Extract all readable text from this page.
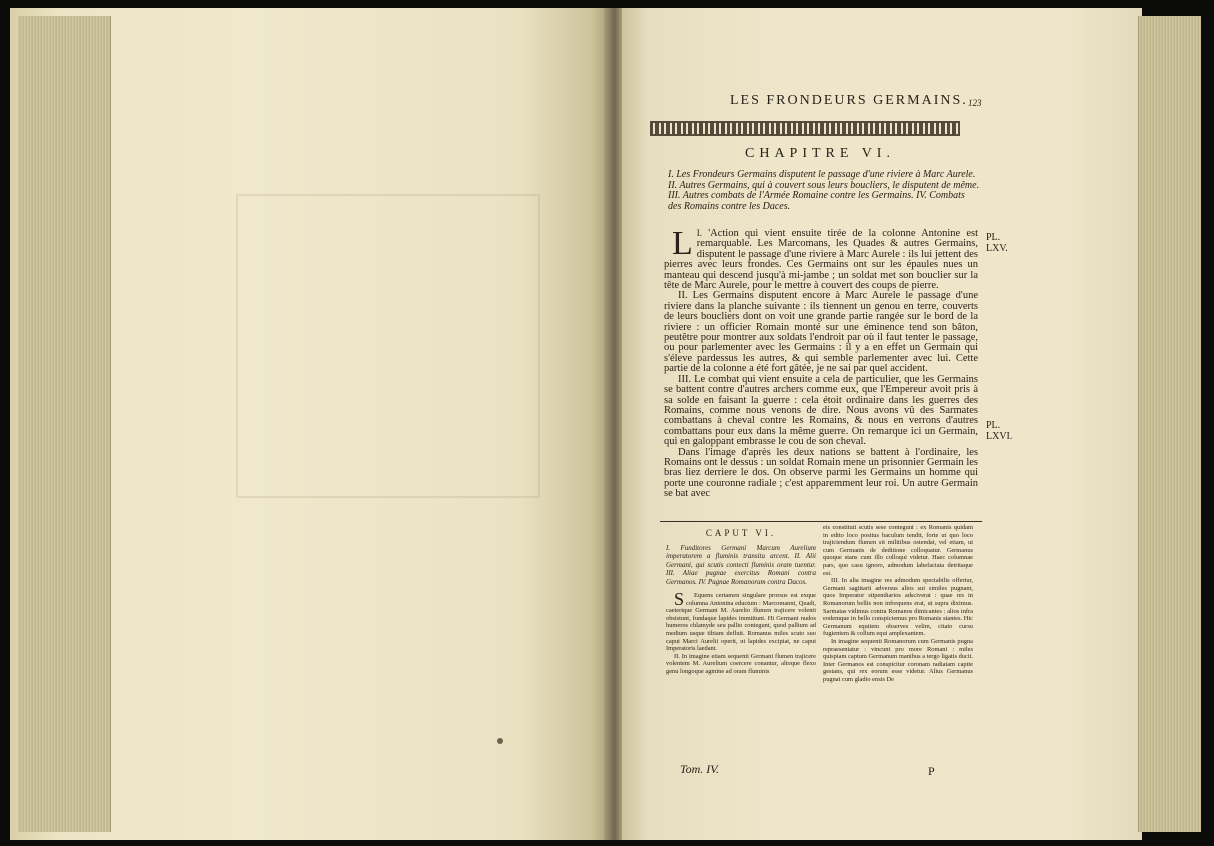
LES FRONDEURS GERMAINS. 123
CHAPITRE VI.
I. Les Frondeurs Germains disputent le passage d'une riviere à Marc Aurele. II. Autres Germains, qui à couvert sous leurs boucliers, le disputent de même. III. Autres combats de l'Armée Romaine contre les Germains. IV. Combats des Romains contre les Daces.

I.
L 'Action qui vient ensuite tirée de la colonne Antonine est remarquable. Les Marcomans, les Quades & autres Germains, disputent le passage d'une riviere à Marc Aurele : ils lui jettent des pierres avec leurs frondes. Ces Germains ont sur les épaules nues un manteau qui descend jusqu'à mi-jambe ; un soldat met son bouclier sur la tête de Marc Aurele, pour le mettre à couvert des coups de pierre.

II. Les Germains disputent encore à Marc Aurele le passage d'une riviere dans la planche suivante : ils tiennent un genou en terre, couverts de leurs boucliers dont on voit une grande partie rangée sur le bord de la riviere : un officier Romain monté sur une éminence tend son bâton, peutêtre pour montrer aux soldats l'endroit par où il faut tenter le passage, ou pour parlementer avec les Germains : il y a en effet un Germain qui s'éleve pardessus les autres, & qui semble parlementer avec lui. Cette partie de la colonne a été fort gâtée, je ne sai par quel accident.

III. Le combat qui vient ensuite a cela de particulier, que les Germains se battent contre d'autres archers comme eux, que l'Empereur avoit pris à sa solde en faisant la guerre : cela étoit ordinaire dans les guerres des Romains, comme nous venons de dire. Nous avons vû des Sarmates combattans à cheval contre les Romains, & nous en verrons d'autres combattans pour eux dans la même guerre. On remarque ici un Germain, qui en galoppant embrasse le cou de son cheval.

Dans l'image d'après les deux nations se battent à l'ordinaire, les Romains ont le dessus : un soldat Romain mene un prisonnier Germain les bras liez derriere le dos. On observe parmi les Germains un homme qui porte une couronne radiale ; c'est apparemment leur roi. Un autre Germain se bat avec

PL. LXV.
PL. LXVI.
CAPUT VI.
I. Funditores Germani Marcum Aurelium imperatorem a fluminis transitu arcent. II. Alii Germani, qui scutis contecti fluminis oram tuentur. III. Aliae pugnae exercitus Romani contra Germanos. IV. Pugnae Romanorum contra Dacos.

S Equens certamen singulare prorsus est exque columna Antonina eductum : Marcomanni, Quadi, caeterique Germani M. Aurelio flumen trajicere volenti obsistunt, fundaque lapides immittunt. Hi Germani nudos humeros chlamyde seu pallio contegunt, quod pallium ad medium usque tibiam defluit. Romanus miles scuto suo caput Marci Aurelii operit, ut lapides excipiat, ne caput Imperatoris laedant.

II. In imagine etiam sequenti Germani flumen trajicere volentem M. Aurelium coercere conantur, altoque flexo genu longoque agmine ad oram fluminis

eis constituti scutis sese contegunt : ex Romanis quidam in edito loco positus baculum tendit, forte ut quo loco trajiciendum flumen sit militibus ostendat, vel etiam, ut cum Germanis de deditione colloquatur. Germanus quoque stans cum illo colloqui videtur. Haec columnae pars, quo casu ignoro, admodum labefactata detritaque est.

III. In alia imagine res admodum spectabilis offertur, Germani sagittarii adversus alios sui similes pugnant, quos Imperator stipendiarios adsciverat : quae res in Romanorum bellis non infrequens erat, ut supra diximus. Sarmatas vidimus contra Romanos dimicantes : alios infra eodemque in bello conspiciemus pro Romanis stantes. Hic Germanum equitem observes velim, citato cursu fugientem & collum equi amplexantem.

In imagine sequenti Romanorum cum Germanis pugna repraesentatur : vincunt pro more Romani : miles quispiam captum Germanum manibus a tergo ligatis ducit. Inter Germanos est conspicitur coronam radiatam capite gestans, qui rex eorum esse videtur. Alius Germanus pugnat cum gladio ensis De

Tom. IV.	P
